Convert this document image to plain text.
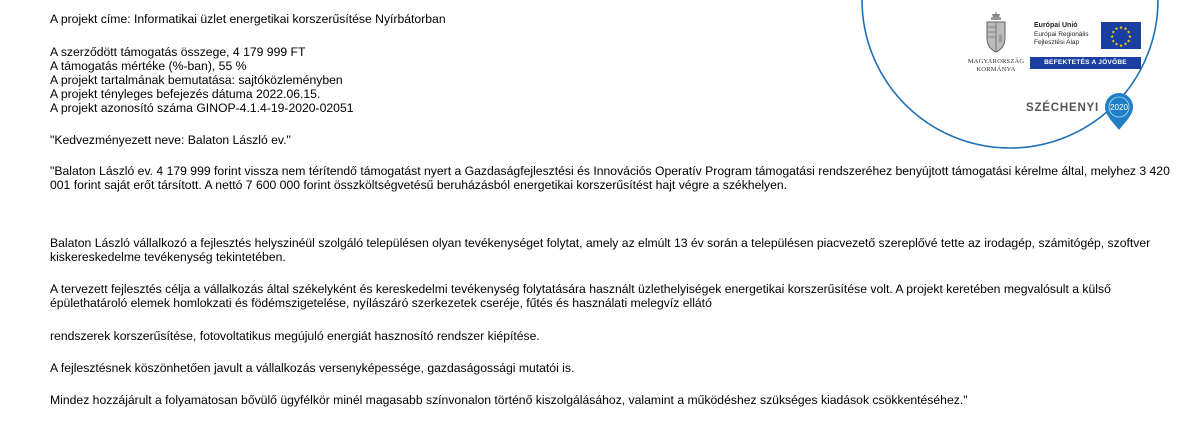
A projekt címe: Informatikai üzlet energetikai korszerűsítése Nyírbátorban
A szerződött támogatás összege, 4 179 999 FT
A támogatás mértéke (%-ban), 55 %
A projekt tartalmának bemutatása: sajtóközleményben
A projekt tényleges befejezés dátuma 2022.06.15.
A projekt azonosító száma GINOP-4.1.4-19-2020-02051
"Kedvezményezett neve: Balaton László ev."
"Balaton László ev. 4 179 999 forint vissza nem térítendő támogatást nyert a Gazdaságfejlesztési és Innovációs Operatív Program támogatási rendszeréhez benyújtott támogatási kérelme által, melyhez 3 420 001 forint saját erőt társított. A nettó 7 600 000 forint összköltségvetésű beruházásból energetikai korszerűsítést hajt végre a székhelyen.
Balaton László vállalkozó a fejlesztés helyszinéül szolgáló településen olyan tevékenységet folytat, amely az elmúlt 13 év során a településen piacvezető szereplővé tette az irodagép, számitógép, szoftver kiskereskedelme tevékenység tekintetében.
A tervezett fejlesztés célja a vállalkozás által székelyként és kereskedelmi tevékenység folytatására használt üzlethelyiségek energetikai korszerűsítése volt. A projekt keretében megvalósult a külső épülethatároló elemek homlokzati és födémszigetelése, nyílászáró szerkezetek cseréje, fűtés és használati melegvíz ellátó
rendszerek korszerűsítése, fotovoltatikus megújuló energiát hasznosító rendszer kiépítése.
A fejlesztésnek köszönhetően javult a vállalkozás versenyképessége, gazdaságossági mutatói is.
Mindez hozzájárult a folyamatosan bővülő ügyfélkör minél magasabb színvonalon történő kiszolgálásához, valamint a működéshez szükséges kiadások csökkentéséhez."
MAGYARORSZÁG
KORMÁNYA
Európai Unió
Európai Regionális
Fejlesztési Alap
★ ★
★
★
★
★
★
★
★
★
★
★
BEFEKTETÉS A JÖVŐBE
SZÉCHENYI 2020
